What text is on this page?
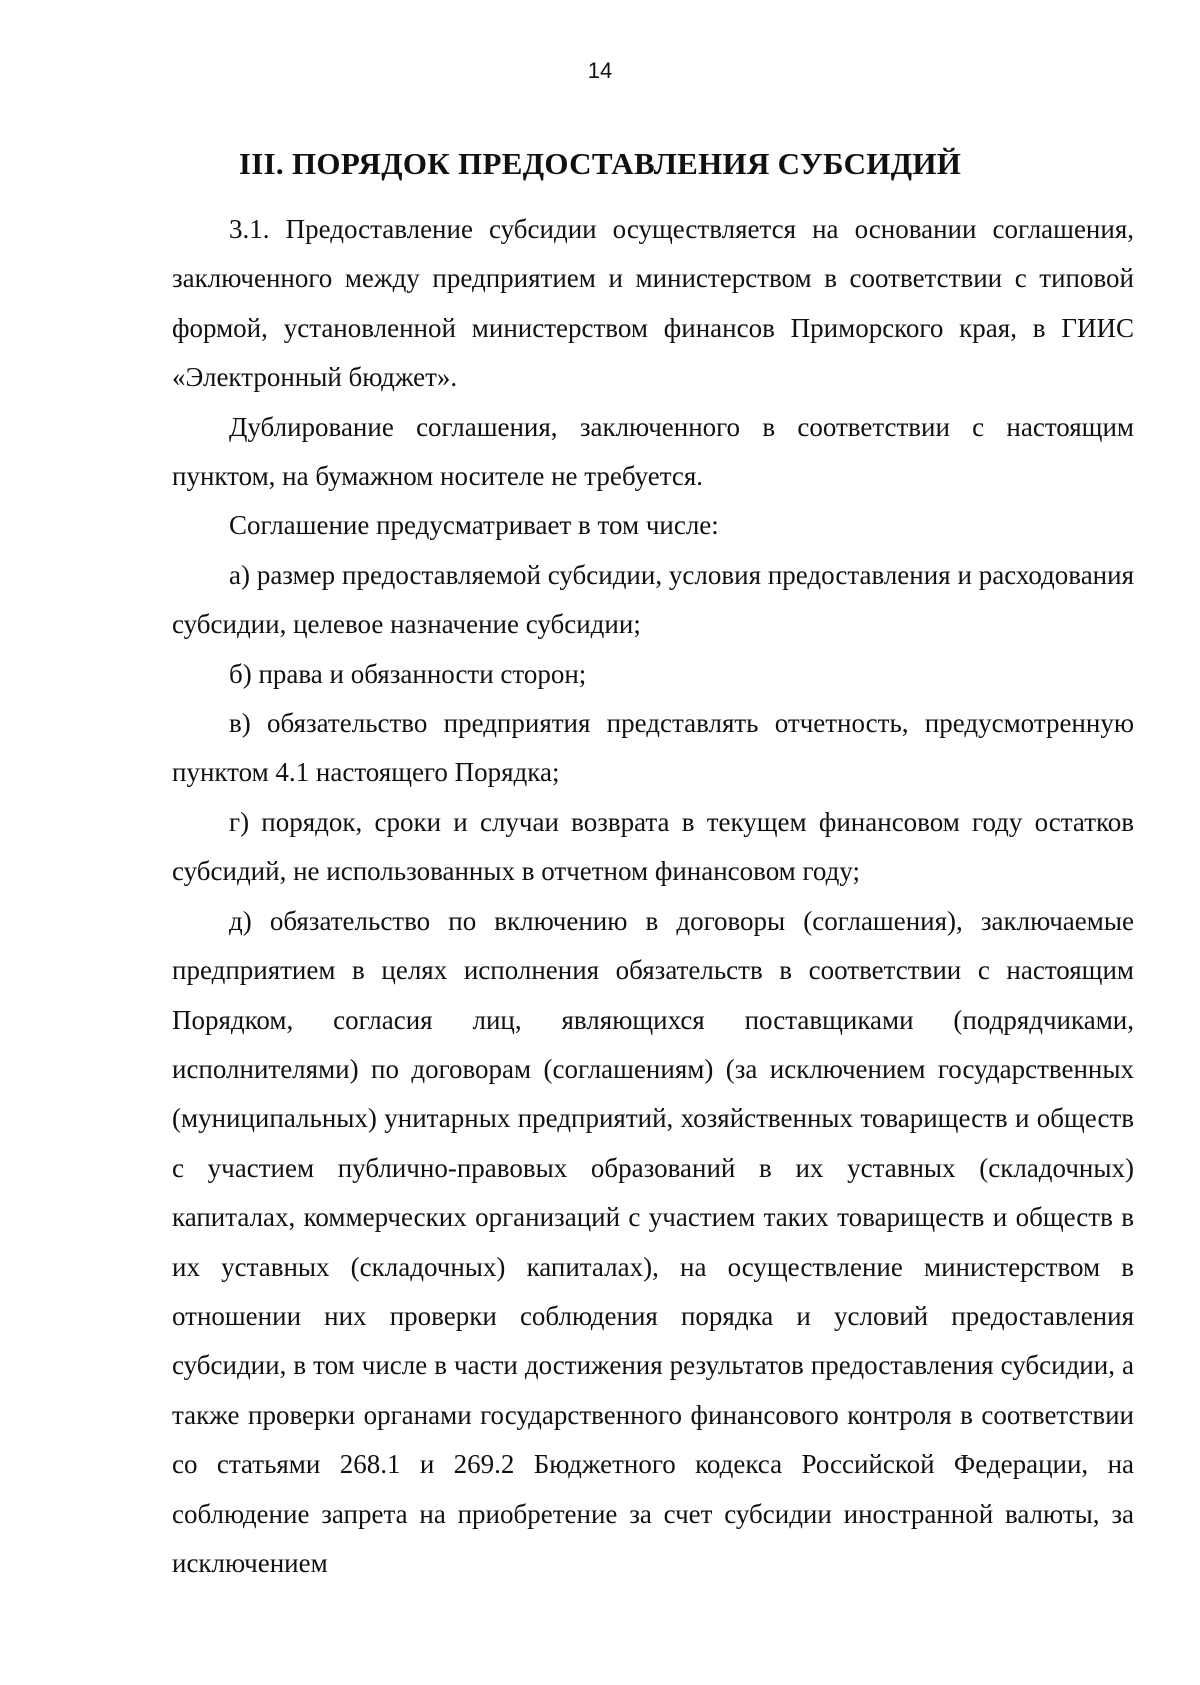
14
III. ПОРЯДОК ПРЕДОСТАВЛЕНИЯ СУБСИДИЙ

3.1. Предоставление субсидии осуществляется на основании соглашения, заключенного между предприятием и министерством в соответствии с типовой формой, установленной министерством финансов Приморского края, в ГИИС «Электронный бюджет».

Дублирование соглашения, заключенного в соответствии с настоящим пунктом, на бумажном носителе не требуется.

Соглашение предусматривает в том числе:

а) размер предоставляемой субсидии, условия предоставления и расходования субсидии, целевое назначение субсидии;

б) права и обязанности сторон;

в) обязательство предприятия представлять отчетность, предусмотренную пунктом 4.1 настоящего Порядка;

г) порядок, сроки и случаи возврата в текущем финансовом году остатков субсидий, не использованных в отчетном финансовом году;

д) обязательство по включению в договоры (соглашения), заключаемые предприятием в целях исполнения обязательств в соответствии с настоящим Порядком, согласия лиц, являющихся поставщиками (подрядчиками, исполнителями) по договорам (соглашениям) (за исключением государственных (муниципальных) унитарных предприятий, хозяйственных товариществ и обществ с участием публично-правовых образований в их уставных (складочных) капиталах, коммерческих организаций с участием таких товариществ и обществ в их уставных (складочных) капиталах), на осуществление министерством в отношении них проверки соблюдения порядка и условий предоставления субсидии, в том числе в части достижения результатов предоставления субсидии, а также проверки органами государственного финансового контроля в соответствии со статьями 268.1 и 269.2 Бюджетного кодекса Российской Федерации, на соблюдение запрета на приобретение за счет субсидии иностранной валюты, за исключением
